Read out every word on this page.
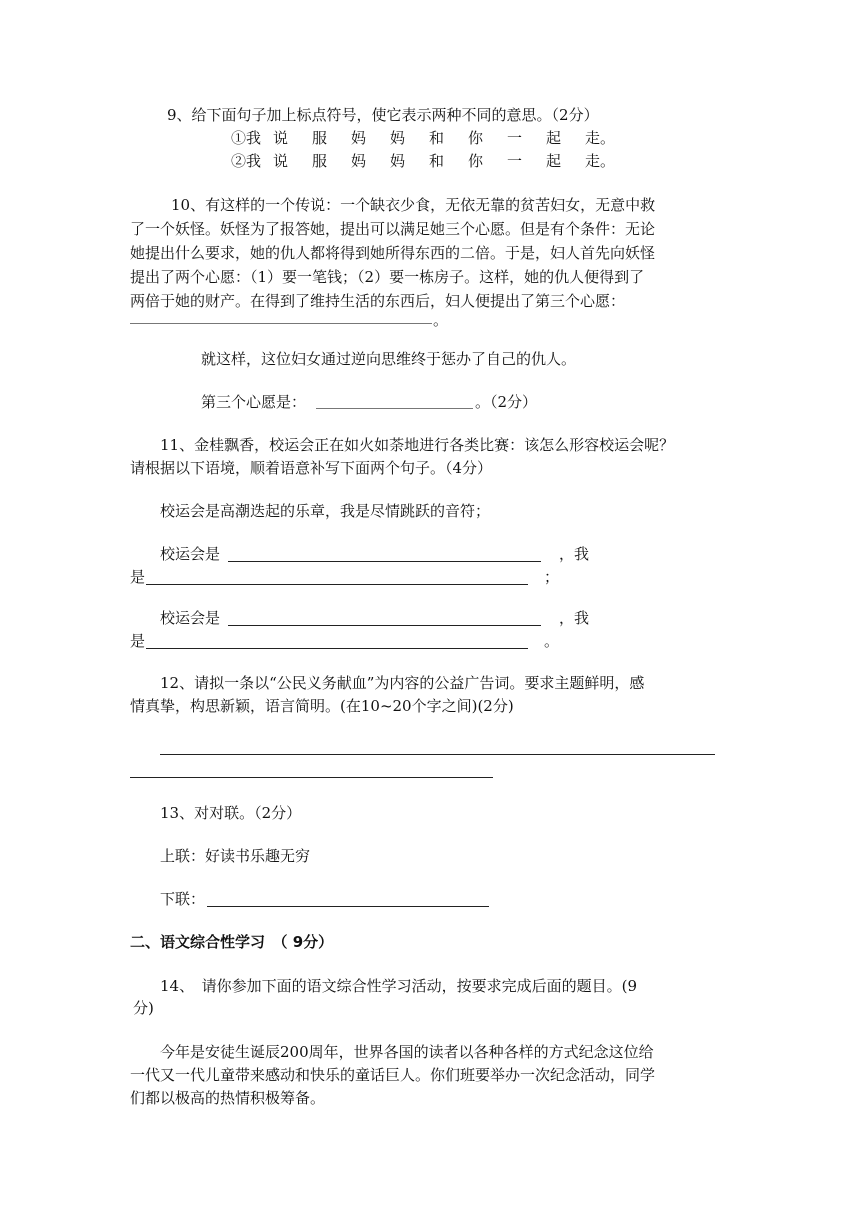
9、给下面句子加上标点符号，使它表示两种不同的意思。（2分）
①我 说 服 妈 妈 和 你 一 起 走。
②我 说 服 妈 妈 和 你 一 起 走。
10、有这样的一个传说：一个缺衣少食，无依无靠的贫苦妇女，无意中救
了一个妖怪。妖怪为了报答她，提出可以满足她三个心愿。但是有个条件：无论
她提出什么要求，她的仇人都将得到她所得东西的二倍。于是，妇人首先向妖怪
提出了两个心愿：（1）要一笔钱；（2）要一栋房子。这样，她的仇人便得到了
两倍于她的财产。在得到了维持生活的东西后，妇人便提出了第三个心愿：
。
就这样，这位妇女通过逆向思维终于惩办了自己的仇人。
第三个心愿是：	。（2分）
11、金桂飘香，校运会正在如火如荼地进行各类比赛：该怎么形容校运会呢？
请根据以下语境，顺着语意补写下面两个句子。（4分）
校运会是高潮迭起的乐章，我是尽情跳跃的音符；
校运会是	，我
是	；
校运会是	，我
是	。
12、请拟一条以“公民义务献血”为内容的公益广告词。要求主题鲜明，感
情真挚，构思新颖，语言简明。(在10~20个字之间)(2分)
13、对对联。（2分）
上联：好读书乐趣无穷
下联：
二、语文综合性学习　（ 9分）
14、　请你参加下面的语文综合性学习活动，按要求完成后面的题目。(9
分)
今年是安徒生诞辰200周年，世界各国的读者以各种各样的方式纪念这位给
一代又一代儿童带来感动和快乐的童话巨人。你们班要举办一次纪念活动，同学
们都以极高的热情积极筹备。
